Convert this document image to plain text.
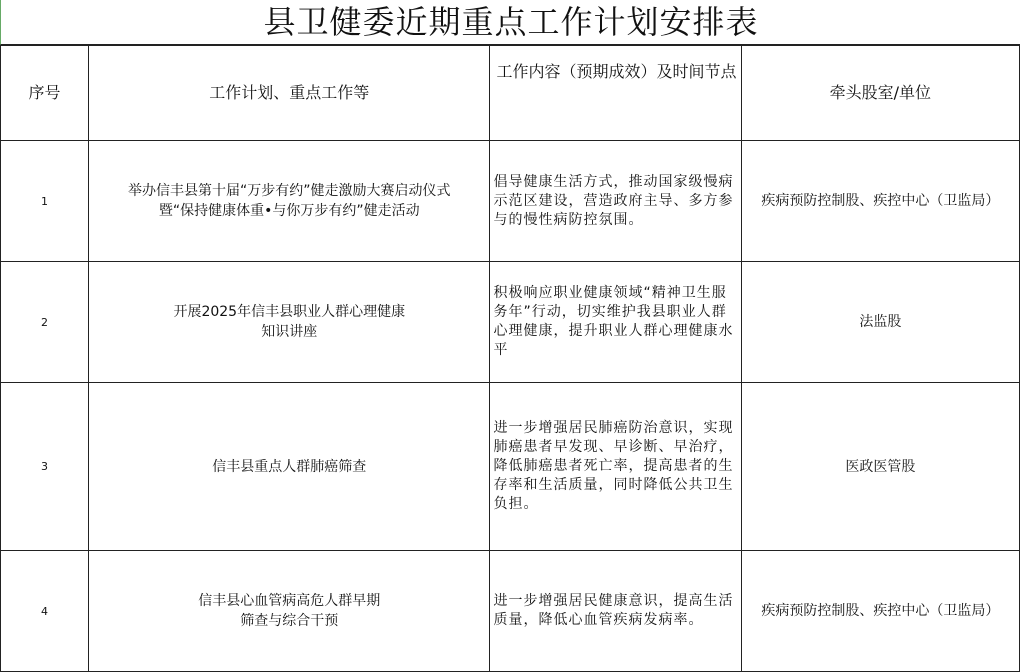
县卫健委近期重点工作计划安排表
序号	工作计划、重点工作等	工作内容（预期成效）及时间节点	牵头股室/单位
1	举办信丰县第十届“万步有约”健走激励大赛启动仪式
暨“保持健康体重•与你万步有约”健走活动	倡导健康生活方式，推动国家级慢病示范区建设，营造政府主导、多方参与的慢性病防控氛围。	疾病预防控制股、疾控中心（卫监局）
2	开展2025年信丰县职业人群心理健康
知识讲座	积极响应职业健康领域“精神卫生服务年”行动，切实维护我县职业人群心理健康，提升职业人群心理健康水平	法监股
3	信丰县重点人群肺癌筛查	进一步增强居民肺癌防治意识，实现肺癌患者早发现、早诊断、早治疗，降低肺癌患者死亡率，提高患者的生存率和生活质量，同时降低公共卫生负担。	医政医管股
4	信丰县心血管病高危人群早期
筛查与综合干预	进一步增强居民健康意识，提高生活质量，降低心血管疾病发病率。	疾病预防控制股、疾控中心（卫监局）
